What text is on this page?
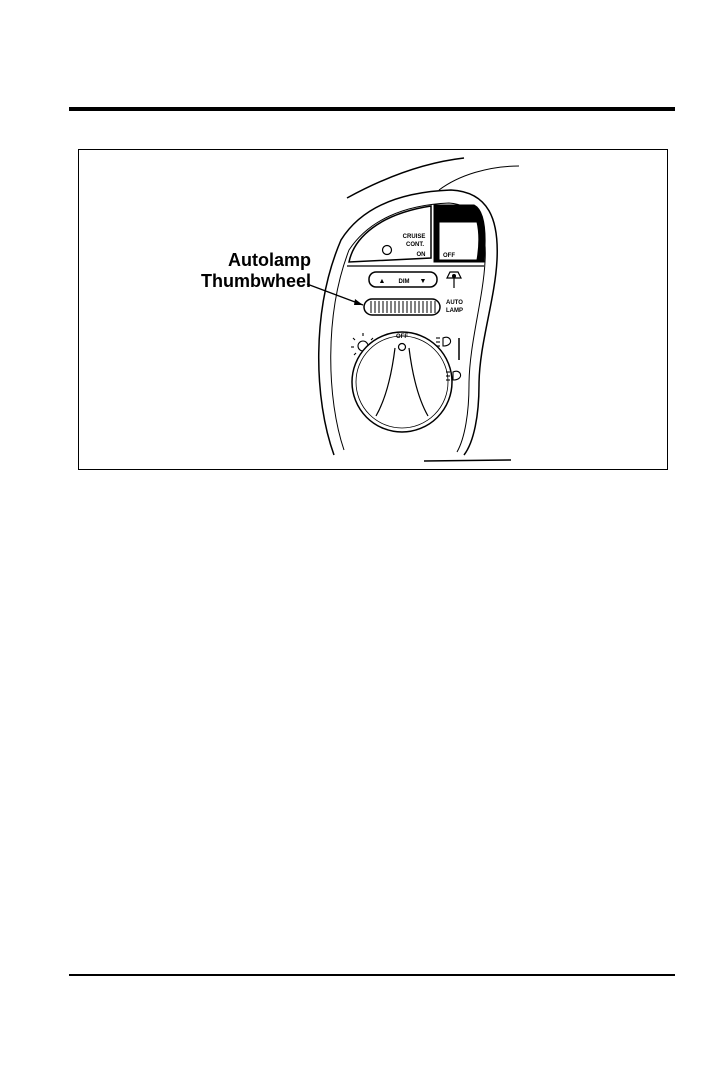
CRUISE
CONT.
ON	OFF
▲ DIM ▼
AUTO
LAMP
OFF
Autolamp
Thumbwheel
